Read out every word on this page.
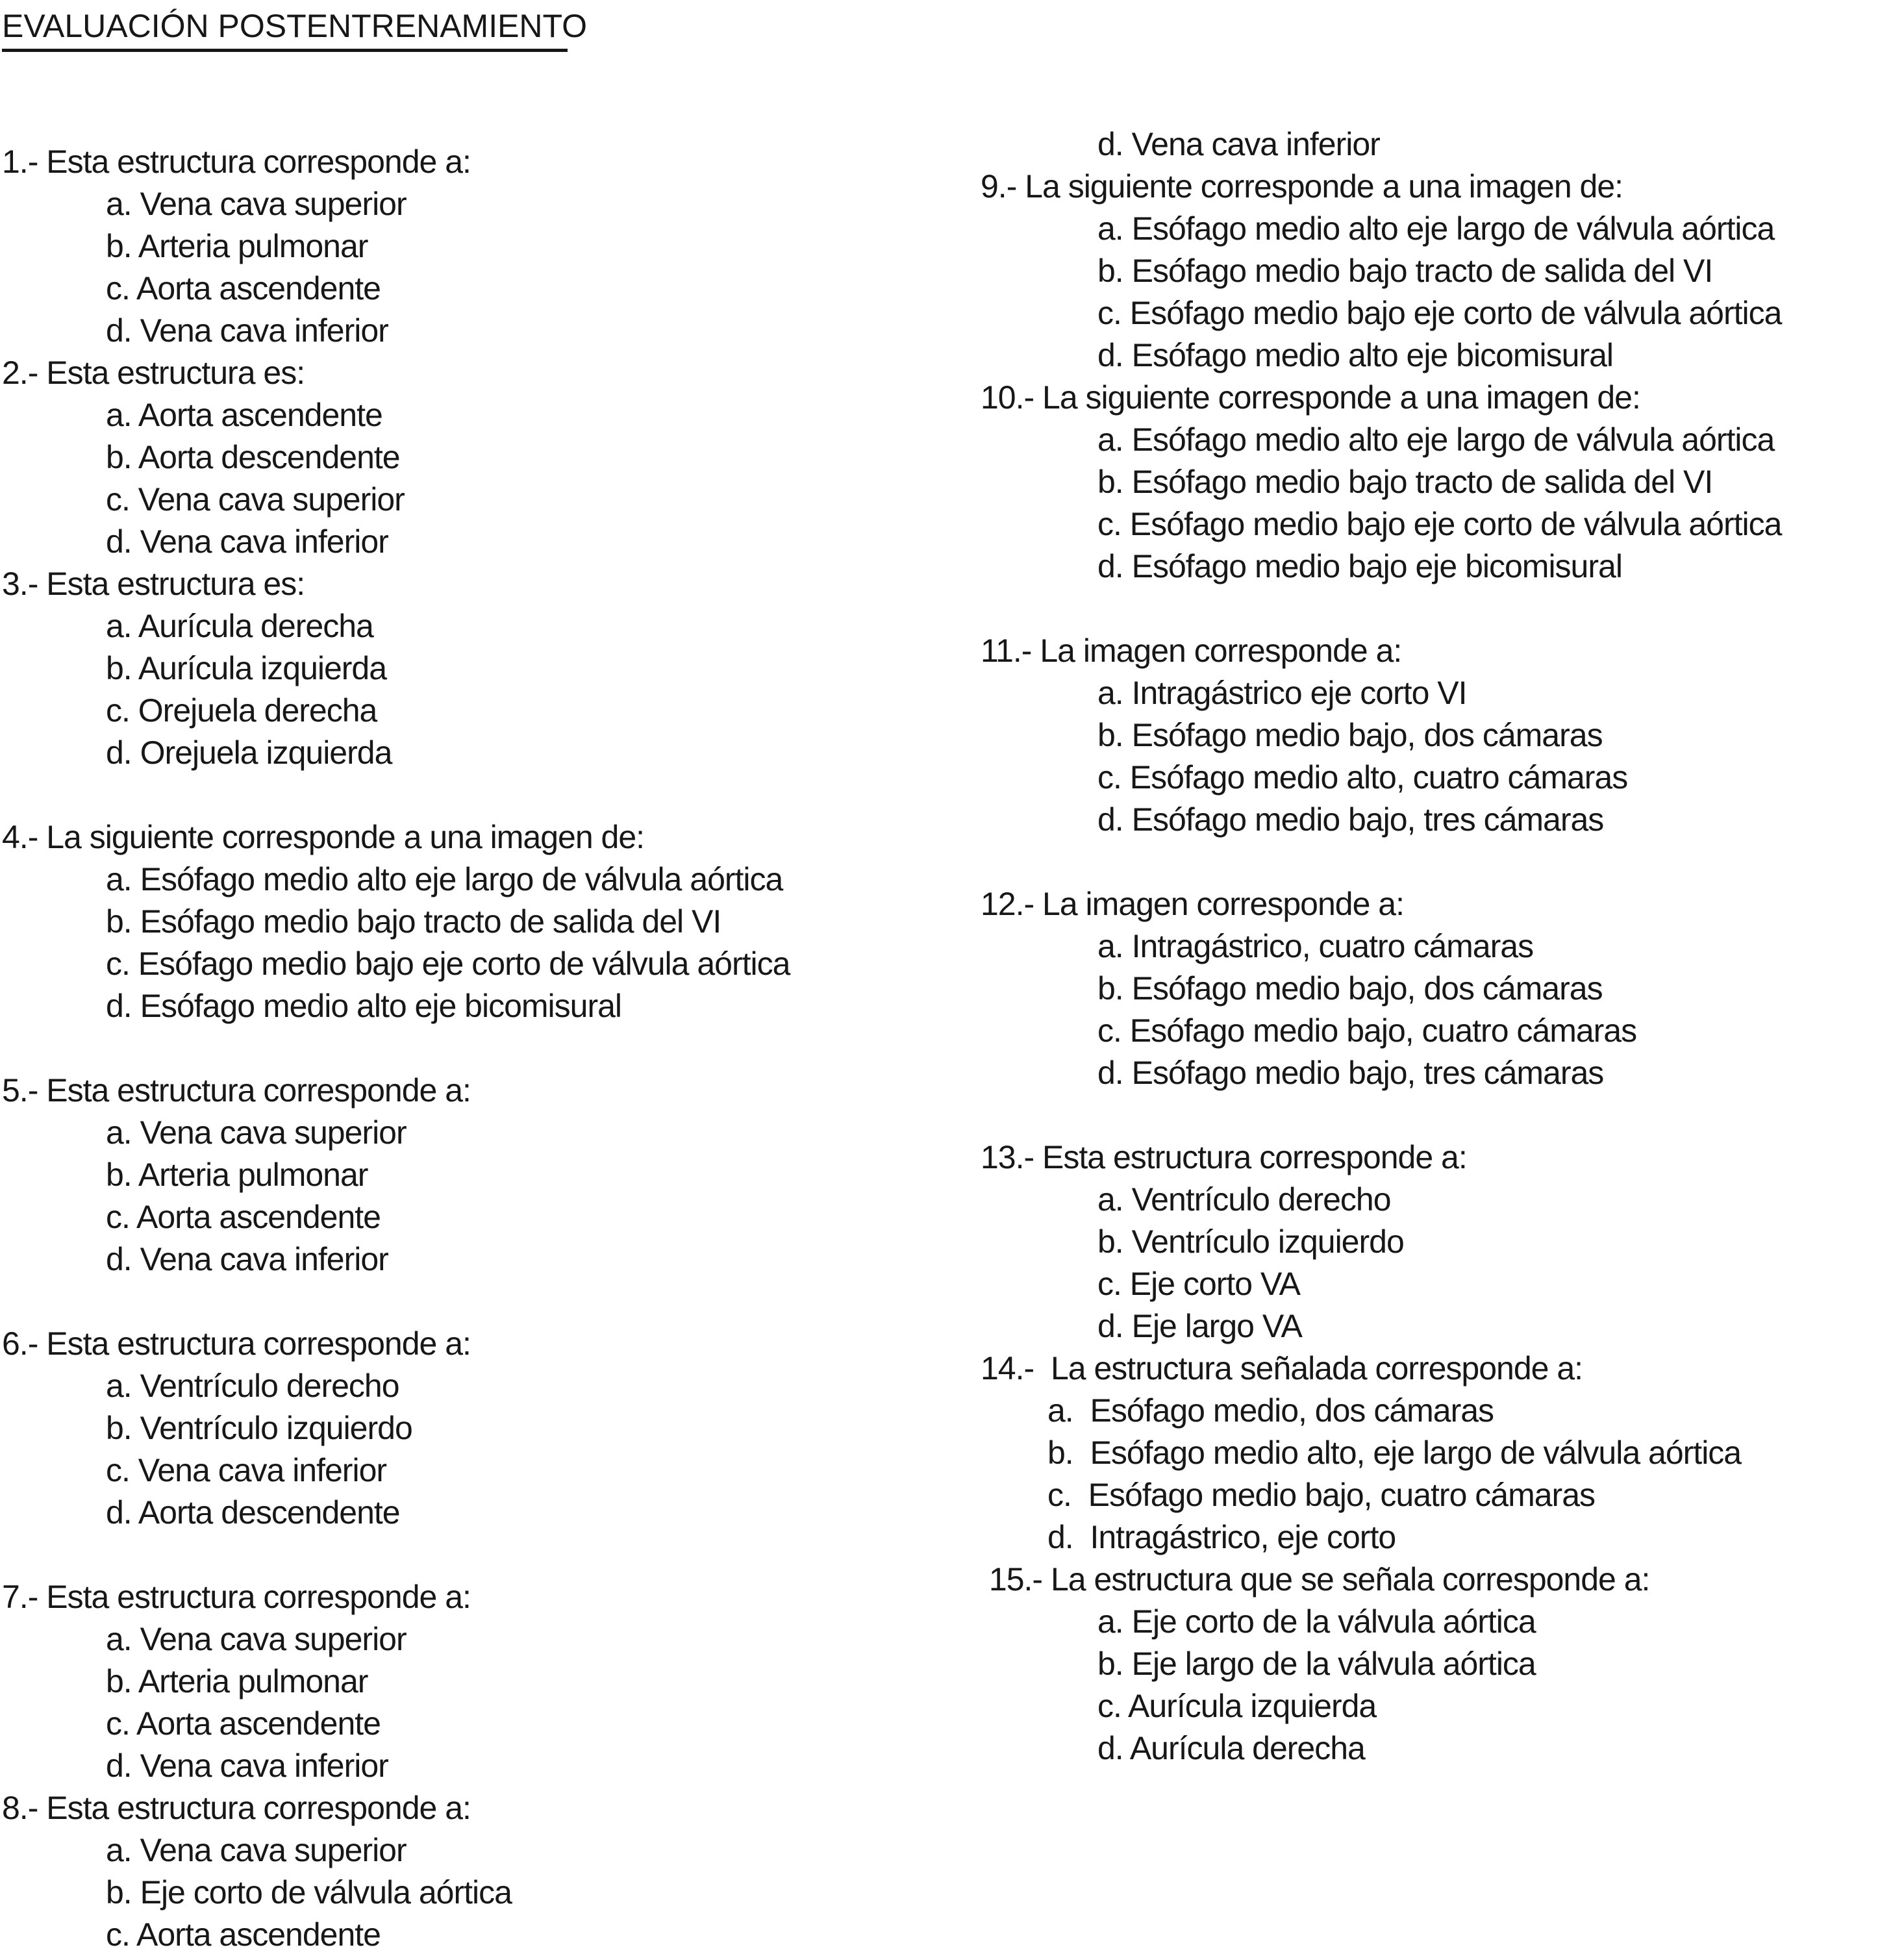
EVALUACIÓN POSTENTRENAMIENTO
1.- Esta estructura corresponde a:
a. Vena cava superior
b. Arteria pulmonar
c. Aorta ascendente
d. Vena cava inferior
2.- Esta estructura es:
a. Aorta ascendente
b. Aorta descendente
c. Vena cava superior
d. Vena cava inferior
3.- Esta estructura es:
a. Aurícula derecha
b. Aurícula izquierda
c. Orejuela derecha
d. Orejuela izquierda
4.- La siguiente corresponde a una imagen de:
a. Esófago medio alto eje largo de válvula aórtica
b. Esófago medio bajo tracto de salida del VI
c. Esófago medio bajo eje corto de válvula aórtica
d. Esófago medio alto eje bicomisural
5.- Esta estructura corresponde a:
a. Vena cava superior
b. Arteria pulmonar
c. Aorta ascendente
d. Vena cava inferior
6.- Esta estructura corresponde a:
a. Ventrículo derecho
b. Ventrículo izquierdo
c. Vena cava inferior
d. Aorta descendente
7.- Esta estructura corresponde a:
a. Vena cava superior
b. Arteria pulmonar
c. Aorta ascendente
d. Vena cava inferior
8.- Esta estructura corresponde a:
a. Vena cava superior
b. Eje corto de válvula aórtica
c. Aorta ascendente
d. Vena cava inferior
9.- La siguiente corresponde a una imagen de:
a. Esófago medio alto eje largo de válvula aórtica
b. Esófago medio bajo tracto de salida del VI
c. Esófago medio bajo eje corto de válvula aórtica
d. Esófago medio alto eje bicomisural
10.- La siguiente corresponde a una imagen de:
a. Esófago medio alto eje largo de válvula aórtica
b. Esófago medio bajo tracto de salida del VI
c. Esófago medio bajo eje corto de válvula aórtica
d. Esófago medio bajo eje bicomisural
11.- La imagen corresponde a:
a. Intragástrico eje corto VI
b. Esófago medio bajo, dos cámaras
c. Esófago medio alto, cuatro cámaras
d. Esófago medio bajo, tres cámaras
12.- La imagen corresponde a:
a. Intragástrico, cuatro cámaras
b. Esófago medio bajo, dos cámaras
c. Esófago medio bajo, cuatro cámaras
d. Esófago medio bajo, tres cámaras
13.- Esta estructura corresponde a:
a. Ventrículo derecho
b. Ventrículo izquierdo
c. Eje corto VA
d. Eje largo VA
14.-  La estructura señalada corresponde a:
a.  Esófago medio, dos cámaras
b.  Esófago medio alto, eje largo de válvula aórtica
c.  Esófago medio bajo, cuatro cámaras
d.  Intragástrico, eje corto
15.- La estructura que se señala corresponde a:
a. Eje corto de la válvula aórtica
b. Eje largo de la válvula aórtica
c. Aurícula izquierda
d. Aurícula derecha
